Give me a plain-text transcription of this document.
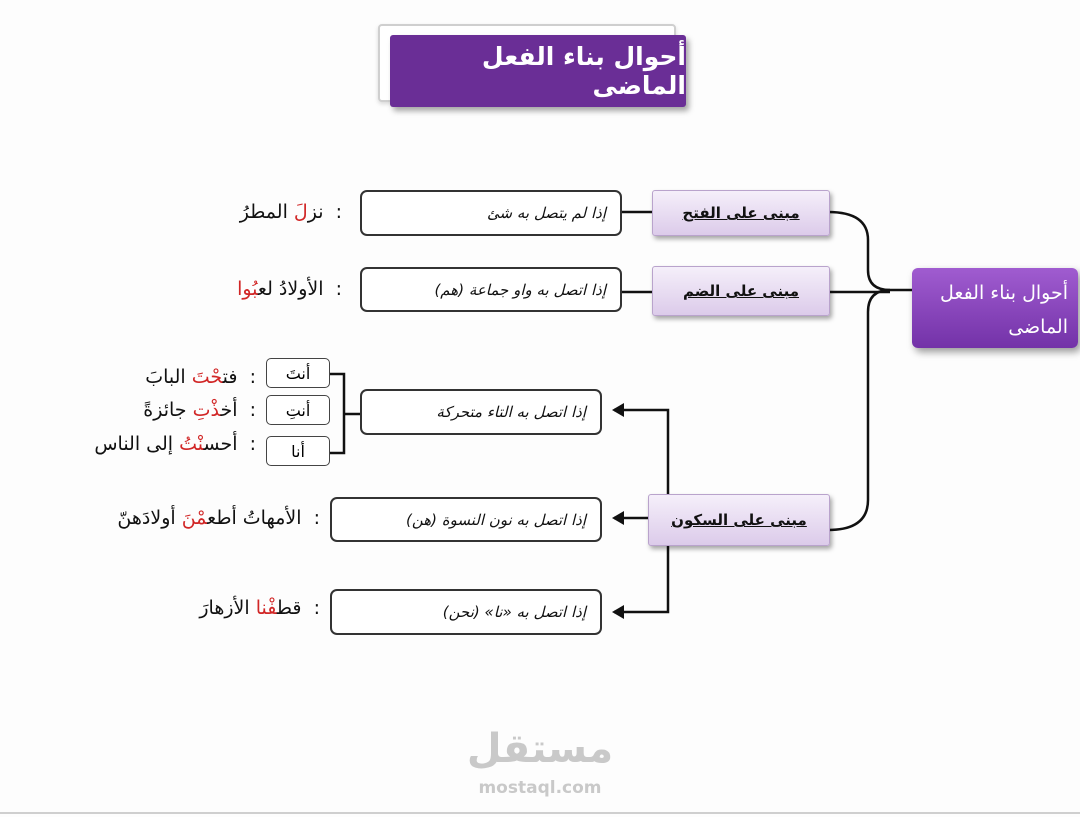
أحوال بناء الفعل الماضى
أحوال بناء الفعل
الماضى
مبنى على الفتح
مبنى على الضم
مبنى على السكون
إذا لم يتصل به شئ
إذا اتصل به واو جماعة (هم)
إذا اتصل به التاء متحركة
إذا اتصل به نون النسوة (هن)
إذا اتصل به «نا» (نحن)
أنتَ
أنتِ
أنا
:  نزلَ المطرُ
:  الأولادُ لعبُوا
:  فتحْتَ البابَ
:  أخذْتِ جائزةً
:  أحسنْتُ إلى الناس
:  الأمهاتُ أطعمْنَ أولادَهنّ
:  قطفْنا الأزهارَ
مستقل
mostaql.com
